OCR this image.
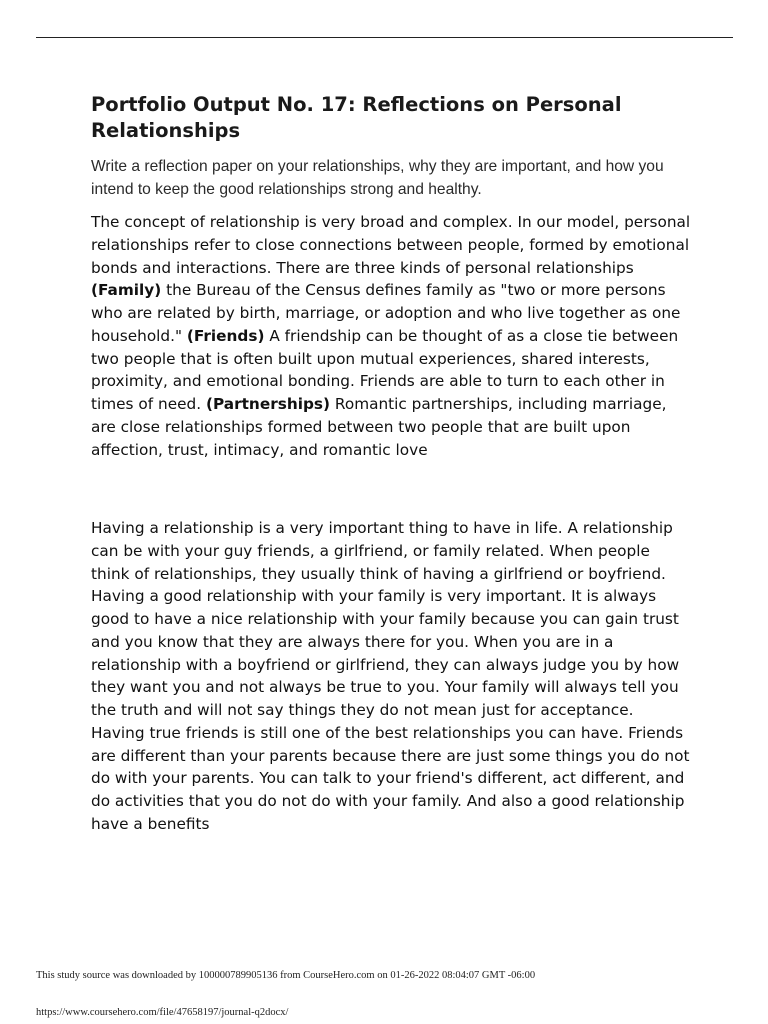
Portfolio Output No. 17: Reflections on Personal Relationships

Write a reflection paper on your relationships, why they are important, and how you intend to keep the good relationships strong and healthy.

The concept of relationship is very broad and complex. In our model, personal relationships refer to close connections between people, formed by emotional bonds and interactions. There are three kinds of personal relationships (Family) the Bureau of the Census defines family as "two or more persons who are related by birth, marriage, or adoption and who live together as one household." (Friends) A friendship can be thought of as a close tie between two people that is often built upon mutual experiences, shared interests, proximity, and emotional bonding. Friends are able to turn to each other in times of need. (Partnerships) Romantic partnerships, including marriage, are close relationships formed between two people that are built upon affection, trust, intimacy, and romantic love

Having a relationship is a very important thing to have in life. A relationship can be with your guy friends, a girlfriend, or family related. When people think of relationships, they usually think of having a girlfriend or boyfriend. Having a good relationship with your family is very important. It is always good to have a nice relationship with your family because you can gain trust and you know that they are always there for you. When you are in a relationship with a boyfriend or girlfriend, they can always judge you by how they want you and not always be true to you. Your family will always tell you the truth and will not say things they do not mean just for acceptance. Having true friends is still one of the best relationships you can have. Friends are different than your parents because there are just some things you do not do with your parents. You can talk to your friend's different, act different, and do activities that you do not do with your family. And also a good relationship have a benefits

This study source was downloaded by 100000789905136 from CourseHero.com on 01-26-2022 08:04:07 GMT -06:00

https://www.coursehero.com/file/47658197/journal-q2docx/
